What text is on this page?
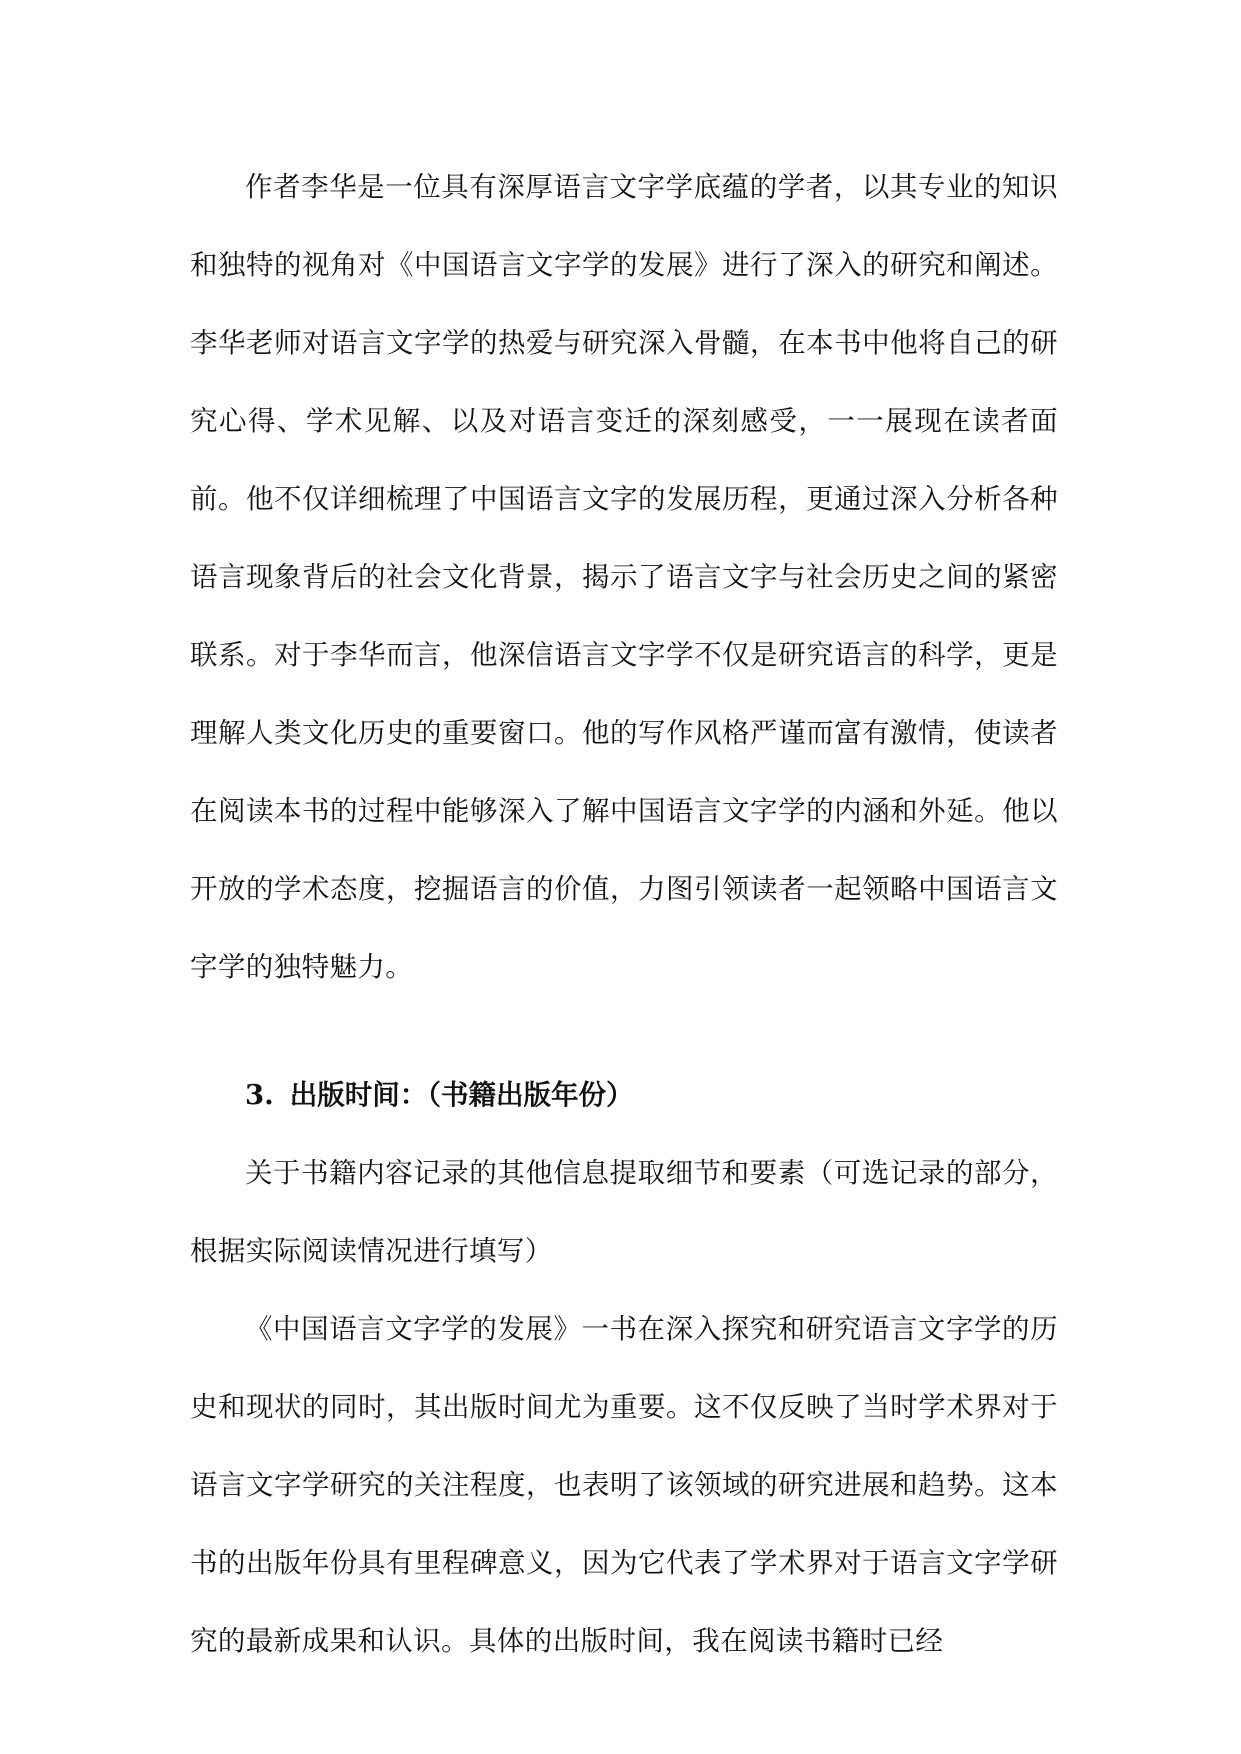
作者李华是一位具有深厚语言文字学底蕴的学者，以其专业的知识和独特的视角对《中国语言文字学的发展》进行了深入的研究和阐述。李华老师对语言文字学的热爱与研究深入骨髓，在本书中他将自己的研究心得、学术见解、以及对语言变迁的深刻感受，一一展现在读者面前。他不仅详细梳理了中国语言文字的发展历程，更通过深入分析各种语言现象背后的社会文化背景，揭示了语言文字与社会历史之间的紧密联系。对于李华而言，他深信语言文字学不仅是研究语言的科学，更是理解人类文化历史的重要窗口。他的写作风格严谨而富有激情，使读者在阅读本书的过程中能够深入了解中国语言文字学的内涵和外延。他以开放的学术态度，挖掘语言的价值，力图引领读者一起领略中国语言文字学的独特魅力。

3. 出版时间：（书籍出版年份）

关于书籍内容记录的其他信息提取细节和要素（可选记录的部分，根据实际阅读情况进行填写）

《中国语言文字学的发展》一书在深入探究和研究语言文字学的历史和现状的同时，其出版时间尤为重要。这不仅反映了当时学术界对于语言文字学研究的关注程度，也表明了该领域的研究进展和趋势。这本书的出版年份具有里程碑意义，因为它代表了学术界对于语言文字学研究的最新成果和认识。具体的出版时间，我在阅读书籍时已经
